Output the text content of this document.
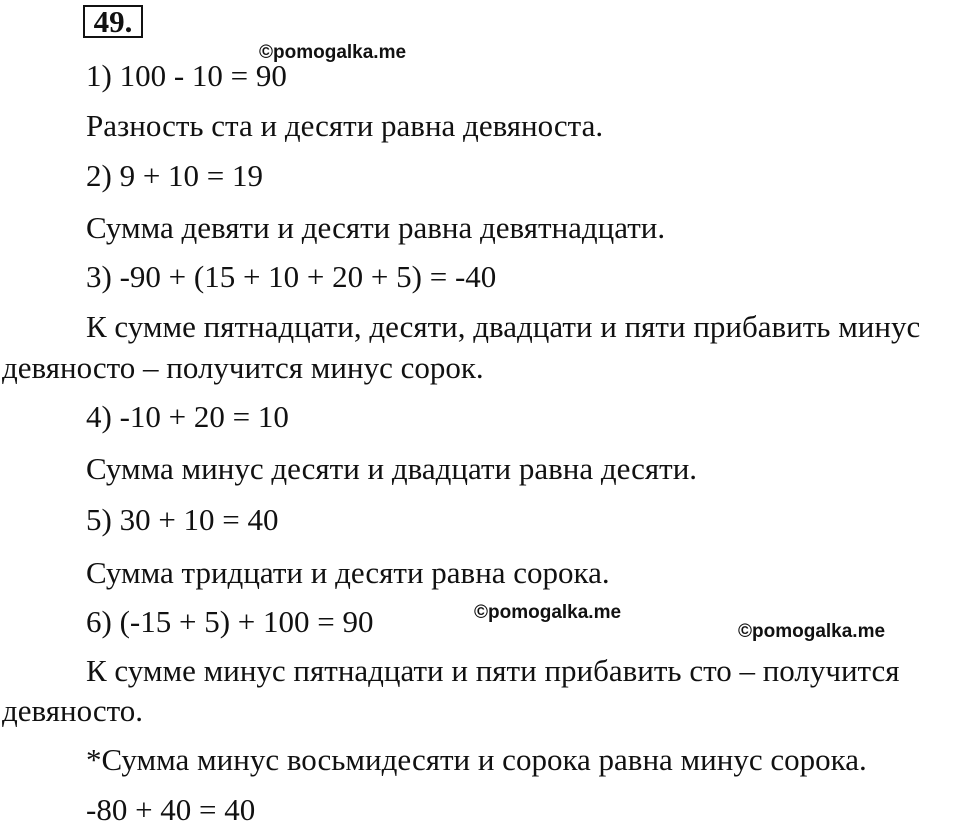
49.
©pomogalka.me
©pomogalka.me
©pomogalka.me
1) 100 - 10 = 90
Разность ста и десяти равна девяноста.
2) 9 + 10 = 19
Сумма девяти и десяти равна девятнадцати.
3) -90 + (15 + 10 + 20 + 5) = -40
К сумме пятнадцати, десяти, двадцати и пяти прибавить минус
девяносто – получится минус сорок.
4) -10 + 20 = 10
Сумма минус десяти и двадцати равна десяти.
5) 30 + 10 = 40
Сумма тридцати и десяти равна сорока.
6) (-15 + 5) + 100 = 90
К сумме минус пятнадцати и пяти прибавить сто – получится
девяносто.
*Сумма минус восьмидесяти и сорока равна минус сорока.
-80 + 40 = 40
